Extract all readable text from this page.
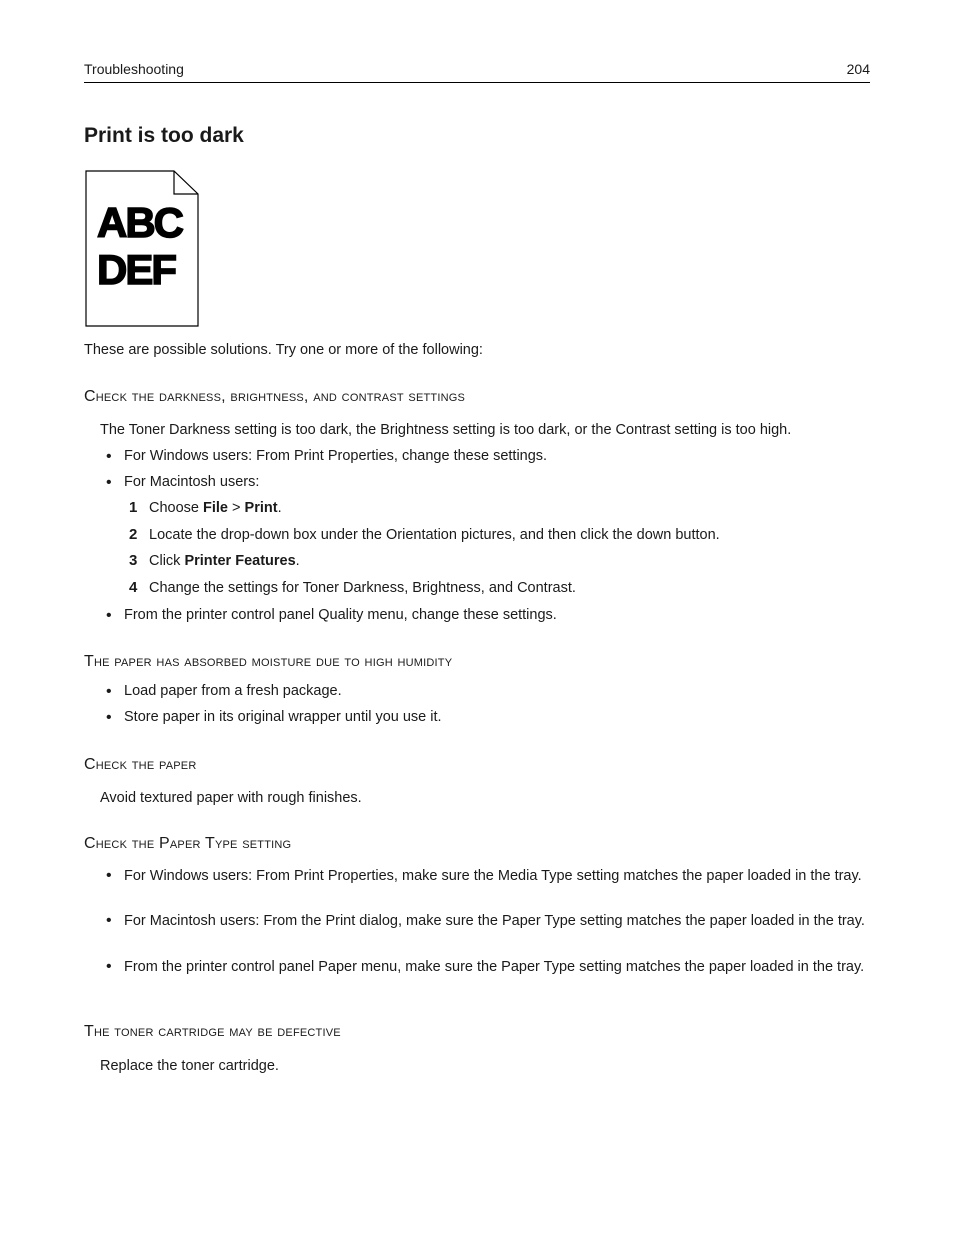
Troubleshooting	204
Print is too dark
ABC
DEF
These are possible solutions. Try one or more of the following:
Check the darkness, brightness, and contrast settings
The Toner Darkness setting is too dark, the Brightness setting is too dark, or the Contrast setting is too high.
• For Windows users: From Print Properties, change these settings.
• For Macintosh users:
1 Choose File > Print.
2 Locate the drop-down box under the Orientation pictures, and then click the down button.
3 Click Printer Features.
4 Change the settings for Toner Darkness, Brightness, and Contrast.
• From the printer control panel Quality menu, change these settings.
The paper has absorbed moisture due to high humidity
• Load paper from a fresh package.
• Store paper in its original wrapper until you use it.
Check the paper
Avoid textured paper with rough finishes.
Check the Paper Type setting
• For Windows users: From Print Properties, make sure the Media Type setting matches the paper loaded in the tray.
• For Macintosh users: From the Print dialog, make sure the Paper Type setting matches the paper loaded in the tray.
• From the printer control panel Paper menu, make sure the Paper Type setting matches the paper loaded in the tray.
The toner cartridge may be defective
Replace the toner cartridge.
